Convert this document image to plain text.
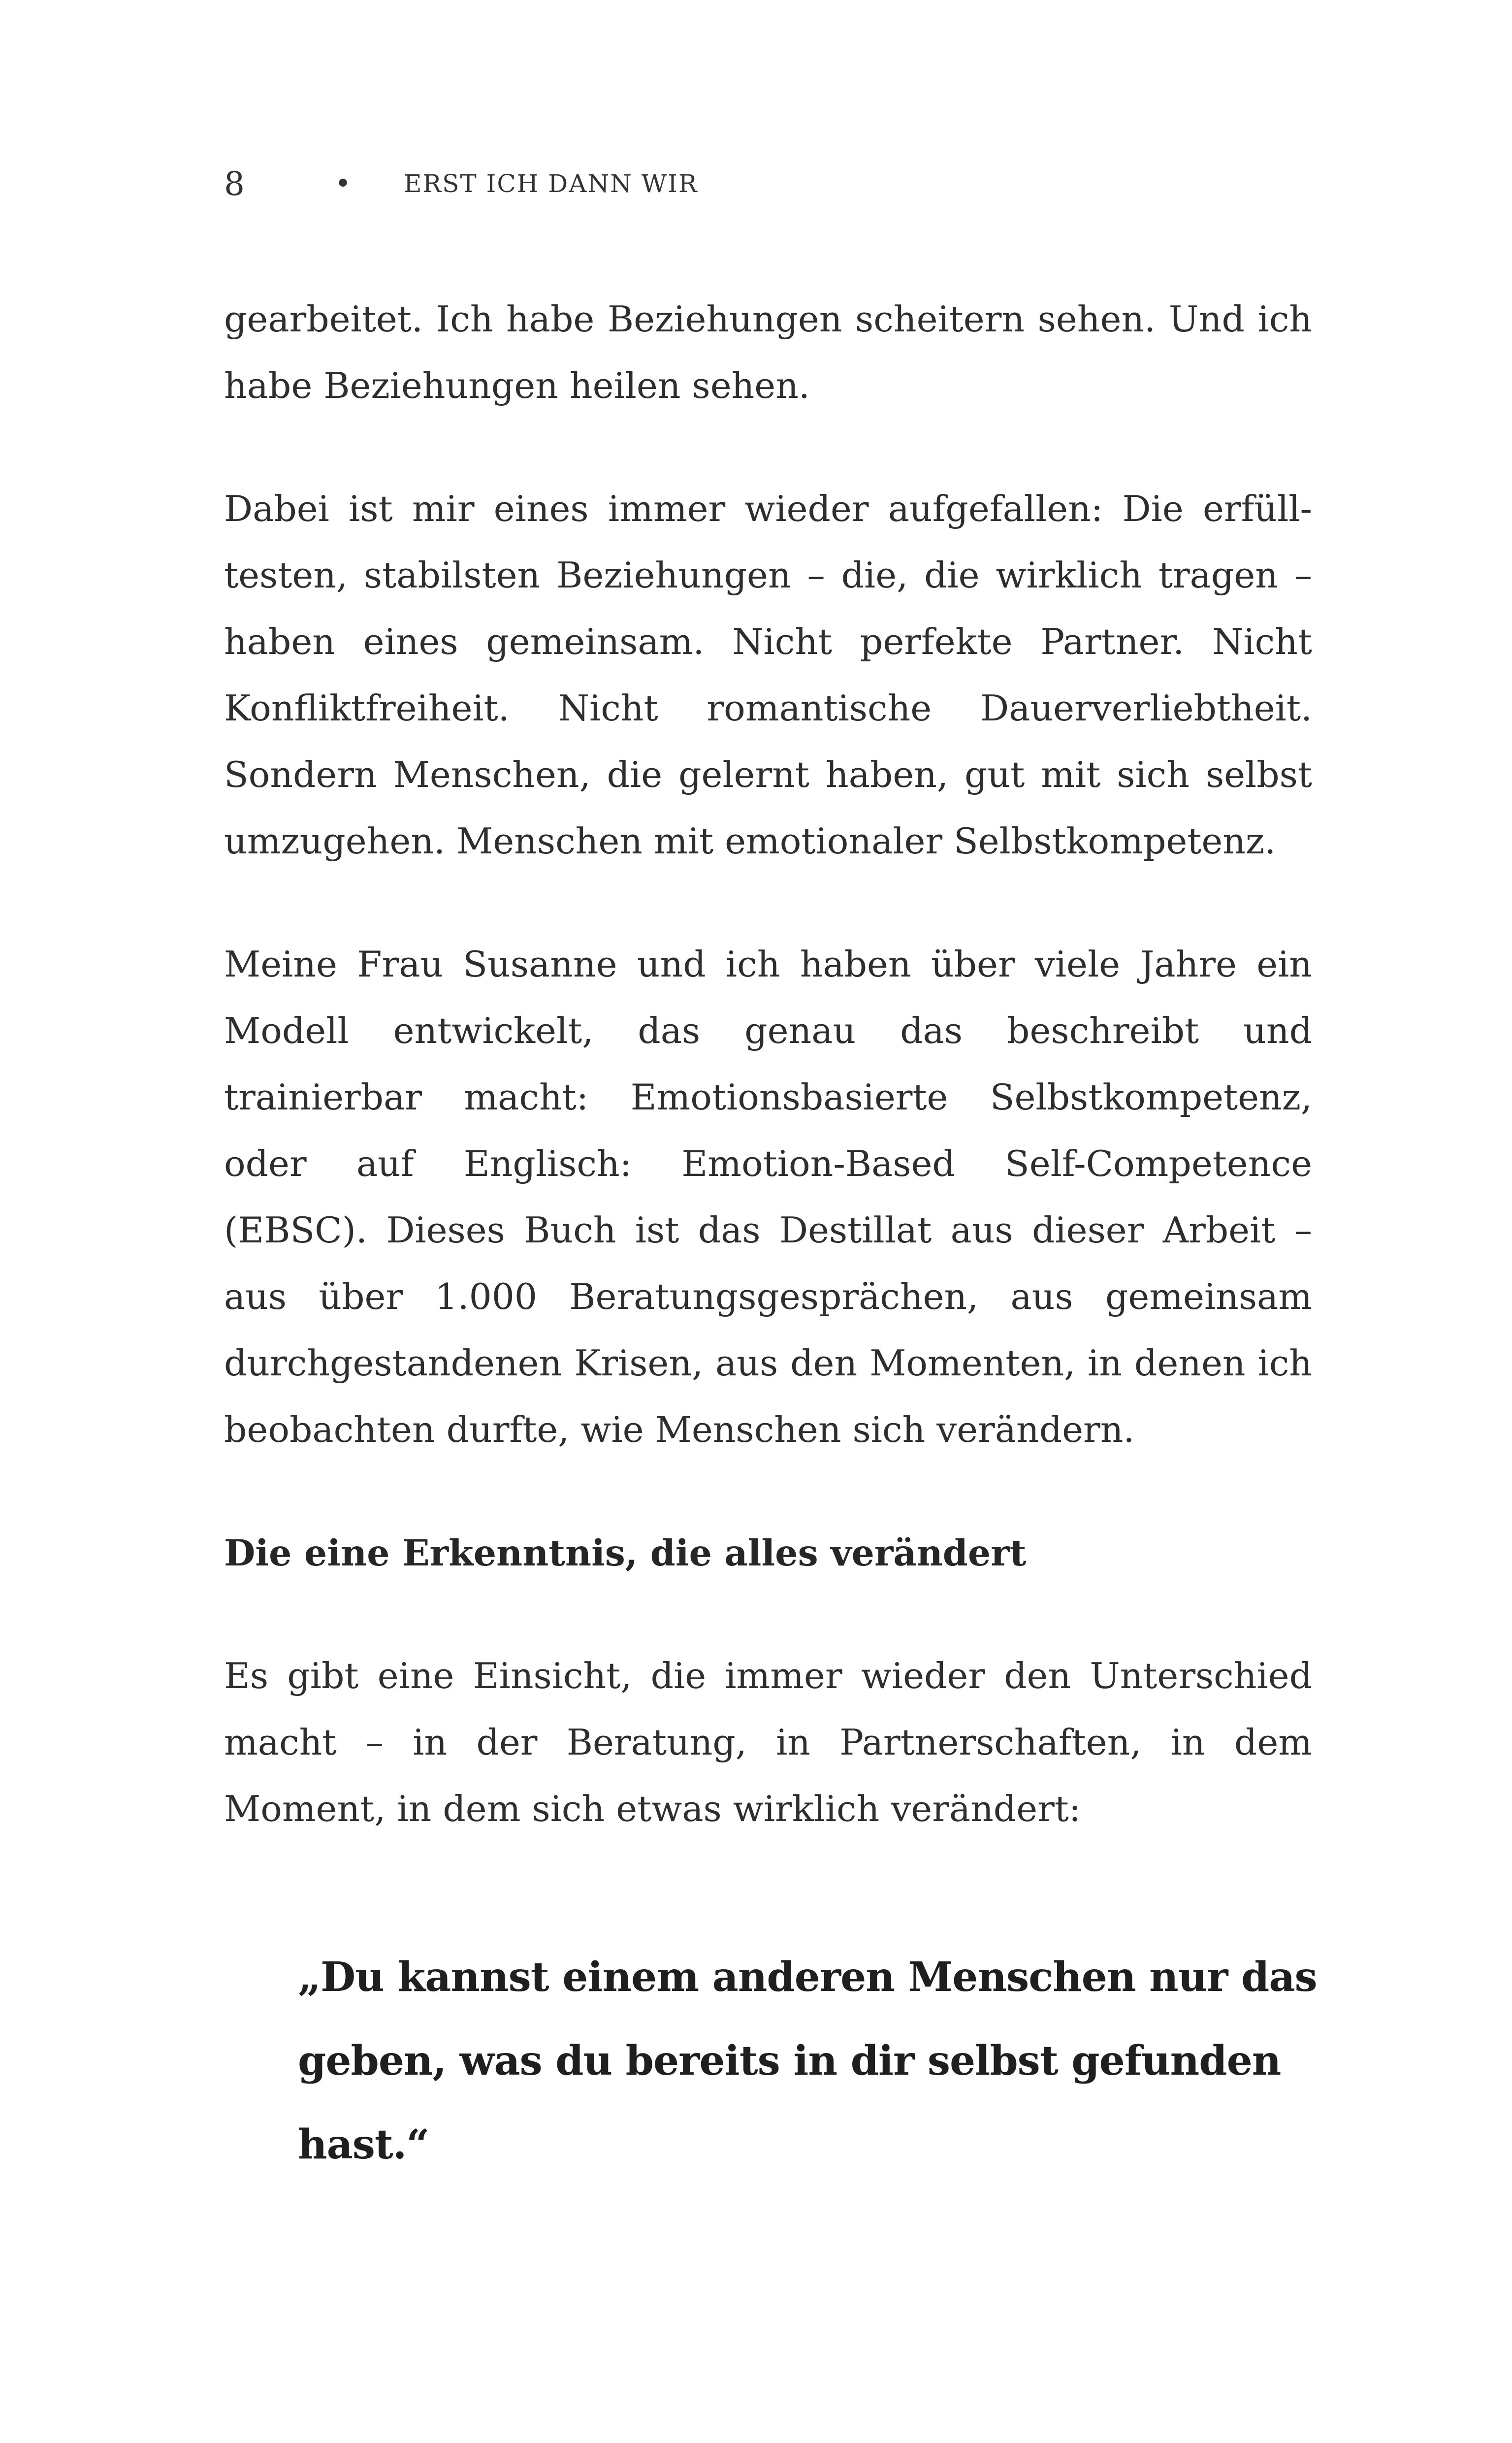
8	•	ERST ICH DANN WIR

gearbeitet. Ich habe Beziehungen scheitern sehen. Und ich habe Beziehungen heilen sehen.

Dabei ist mir eines immer wieder aufgefallen: Die erfülltesten, stabilsten Beziehungen – die, die wirklich tragen – haben eines gemeinsam. Nicht perfekte Partner. Nicht Konfliktfreiheit. Nicht romantische Dauerverliebtheit. Sondern Menschen, die gelernt haben, gut mit sich selbst umzugehen. Menschen mit emotionaler Selbstkompetenz.

Meine Frau Susanne und ich haben über viele Jahre ein Modell entwickelt, das genau das beschreibt und trainierbar macht: Emotionsbasierte Selbstkompetenz, oder auf Englisch: Emotion-Based Self-Competence (EBSC). Dieses Buch ist das Destillat aus dieser Arbeit – aus über 1.000 Beratungsgesprächen, aus gemeinsam durchgestandenen Krisen, aus den Momenten, in denen ich beobachten durfte, wie Menschen sich verändern.

Die eine Erkenntnis, die alles verändert

Es gibt eine Einsicht, die immer wieder den Unterschied macht – in der Beratung, in Partnerschaften, in dem Moment, in dem sich etwas wirklich verändert:

„Du kannst einem anderen Menschen nur das geben, was du bereits in dir selbst gefunden hast.“
